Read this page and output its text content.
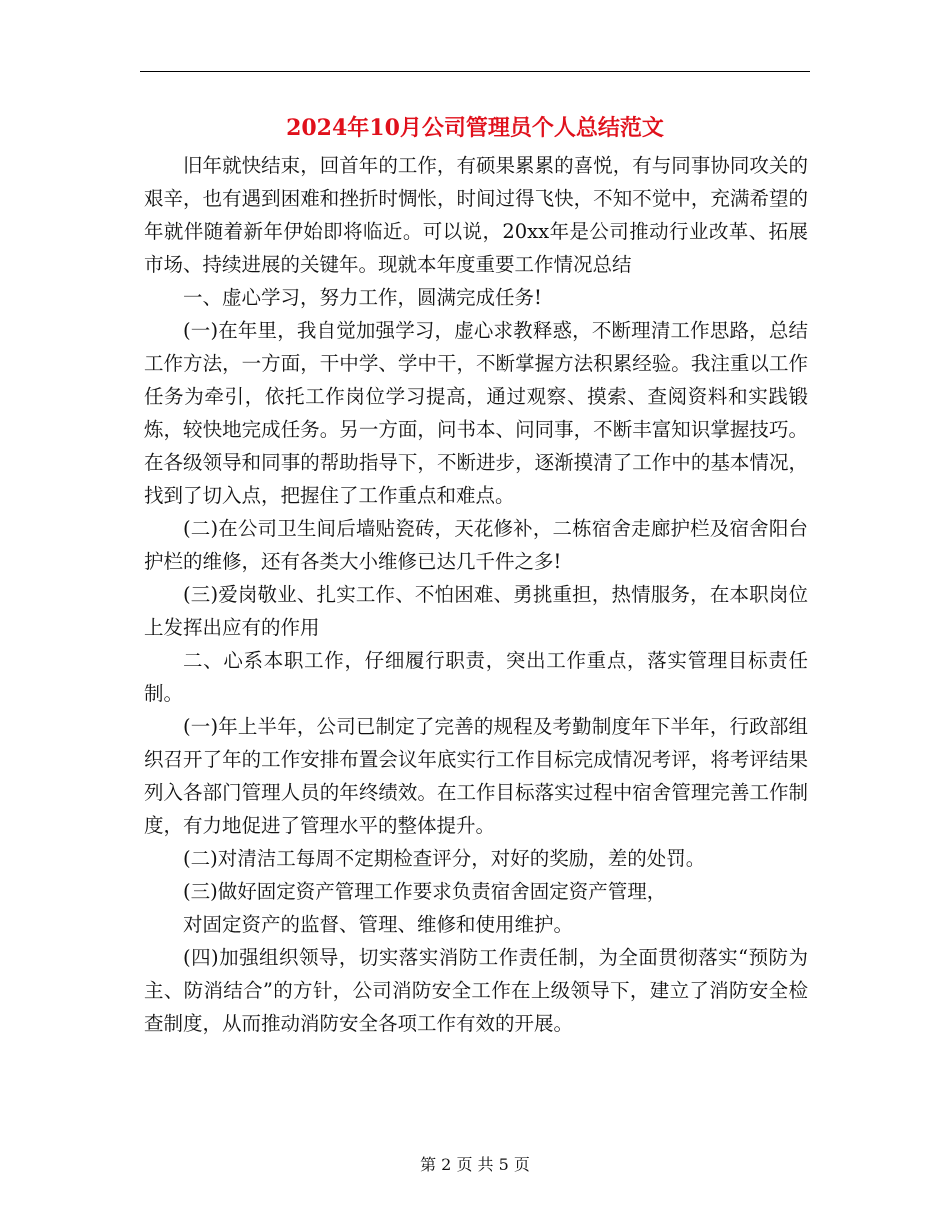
2024年10月公司管理员个人总结范文

旧年就快结束，回首年的工作，有硕果累累的喜悦，有与同事协同攻关的艰辛，也有遇到困难和挫折时惆怅，时间过得飞快，不知不觉中，充满希望的年就伴随着新年伊始即将临近。可以说，20xx年是公司推动行业改革、拓展市场、持续进展的关键年。现就本年度重要工作情况总结

一、虚心学习，努力工作，圆满完成任务!

(一)在年里，我自觉加强学习，虚心求教释惑，不断理清工作思路，总结工作方法，一方面，干中学、学中干，不断掌握方法积累经验。我注重以工作任务为牵引，依托工作岗位学习提高，通过观察、摸索、查阅资料和实践锻炼，较快地完成任务。另一方面，问书本、问同事，不断丰富知识掌握技巧。在各级领导和同事的帮助指导下，不断进步，逐渐摸清了工作中的基本情况，找到了切入点，把握住了工作重点和难点。

(二)在公司卫生间后墙贴瓷砖，天花修补，二栋宿舍走廊护栏及宿舍阳台护栏的维修，还有各类大小维修已达几千件之多!

(三)爱岗敬业、扎实工作、不怕困难、勇挑重担，热情服务，在本职岗位上发挥出应有的作用

二、心系本职工作，仔细履行职责，突出工作重点，落实管理目标责任制。

(一)年上半年，公司已制定了完善的规程及考勤制度年下半年，行政部组织召开了年的工作安排布置会议年底实行工作目标完成情况考评，将考评结果列入各部门管理人员的年终绩效。在工作目标落实过程中宿舍管理完善工作制度，有力地促进了管理水平的整体提升。

(二)对清洁工每周不定期检查评分，对好的奖励，差的处罚。

(三)做好固定资产管理工作要求负责宿舍固定资产管理，

对固定资产的监督、管理、维修和使用维护。

(四)加强组织领导，切实落实消防工作责任制，为全面贯彻落实“预防为主、防消结合”的方针，公司消防安全工作在上级领导下，建立了消防安全检查制度，从而推动消防安全各项工作有效的开展。

第 2 页 共 5 页
